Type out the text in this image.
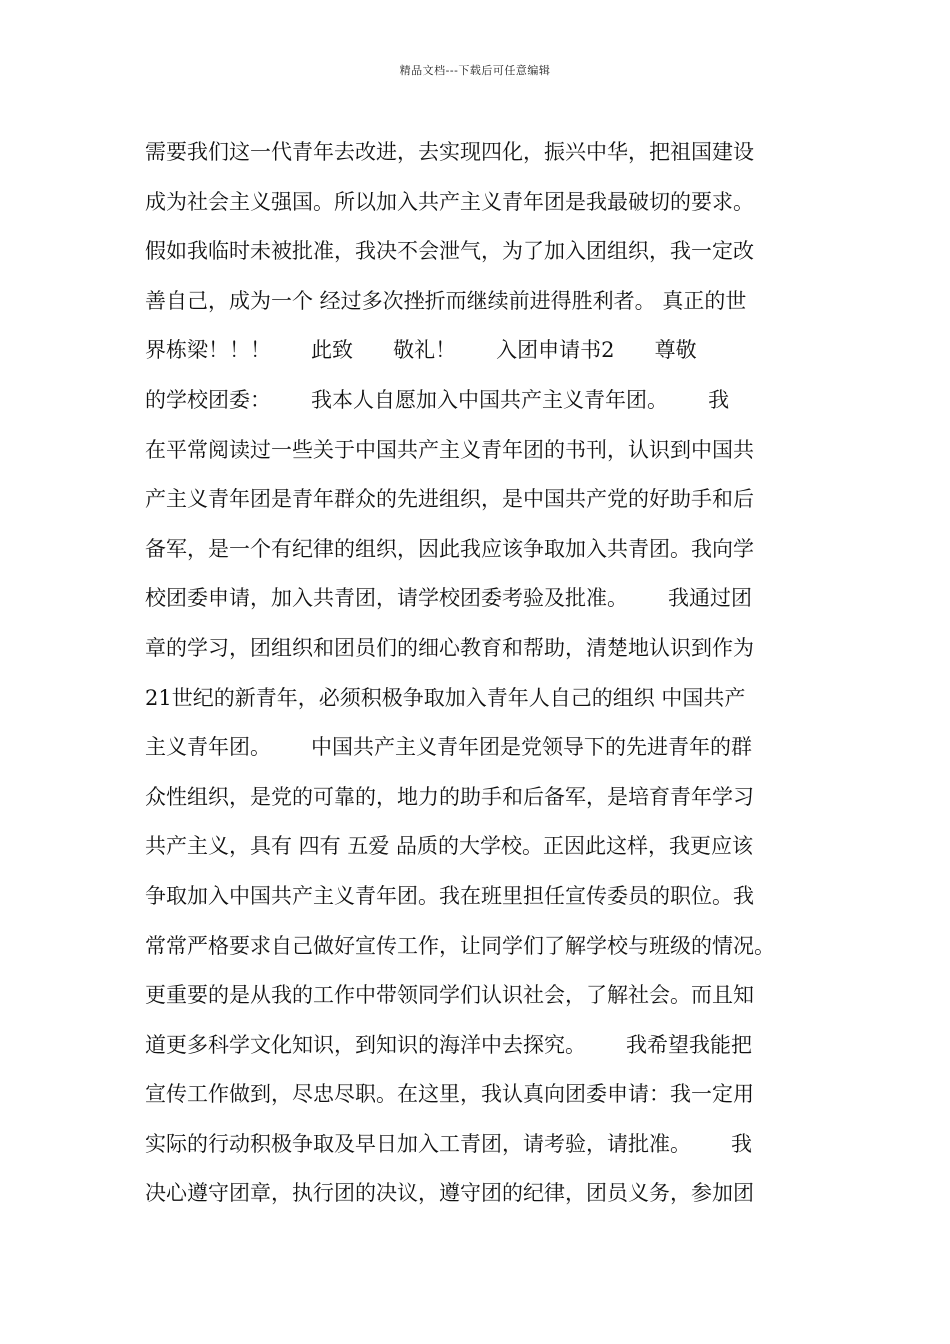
精品文档---下载后可任意编辑
需要我们这一代青年去改进，去实现四化，振兴中华，把祖国建设
成为社会主义强国。所以加入共产主义青年团是我最破切的要求。
假如我临时未被批准，我决不会泄气，为了加入团组织，我一定改
善自己，成为一个 经过多次挫折而继续前进得胜利者。 真正的世
界栋梁！！！      此致      敬礼！      入团申请书2      尊敬
的学校团委：      我本人自愿加入中国共产主义青年团。      我
在平常阅读过一些关于中国共产主义青年团的书刊，认识到中国共
产主义青年团是青年群众的先进组织，是中国共产党的好助手和后
备军，是一个有纪律的组织，因此我应该争取加入共青团。我向学
校团委申请，加入共青团，请学校团委考验及批准。      我通过团
章的学习，团组织和团员们的细心教育和帮助，清楚地认识到作为
21世纪的新青年，必须积极争取加入青年人自己的组织 中国共产
主义青年团。      中国共产主义青年团是党领导下的先进青年的群
众性组织，是党的可靠的，地力的助手和后备军，是培育青年学习
共产主义，具有 四有 五爱 品质的大学校。正因此这样，我更应该
争取加入中国共产主义青年团。我在班里担任宣传委员的职位。我
常常严格要求自己做好宣传工作，让同学们了解学校与班级的情况。
更重要的是从我的工作中带领同学们认识社会，了解社会。而且知
道更多科学文化知识，到知识的海洋中去探究。      我希望我能把
宣传工作做到，尽忠尽职。在这里，我认真向团委申请：我一定用
实际的行动积极争取及早日加入工青团，请考验，请批准。      我
决心遵守团章，执行团的决议，遵守团的纪律，团员义务，参加团
